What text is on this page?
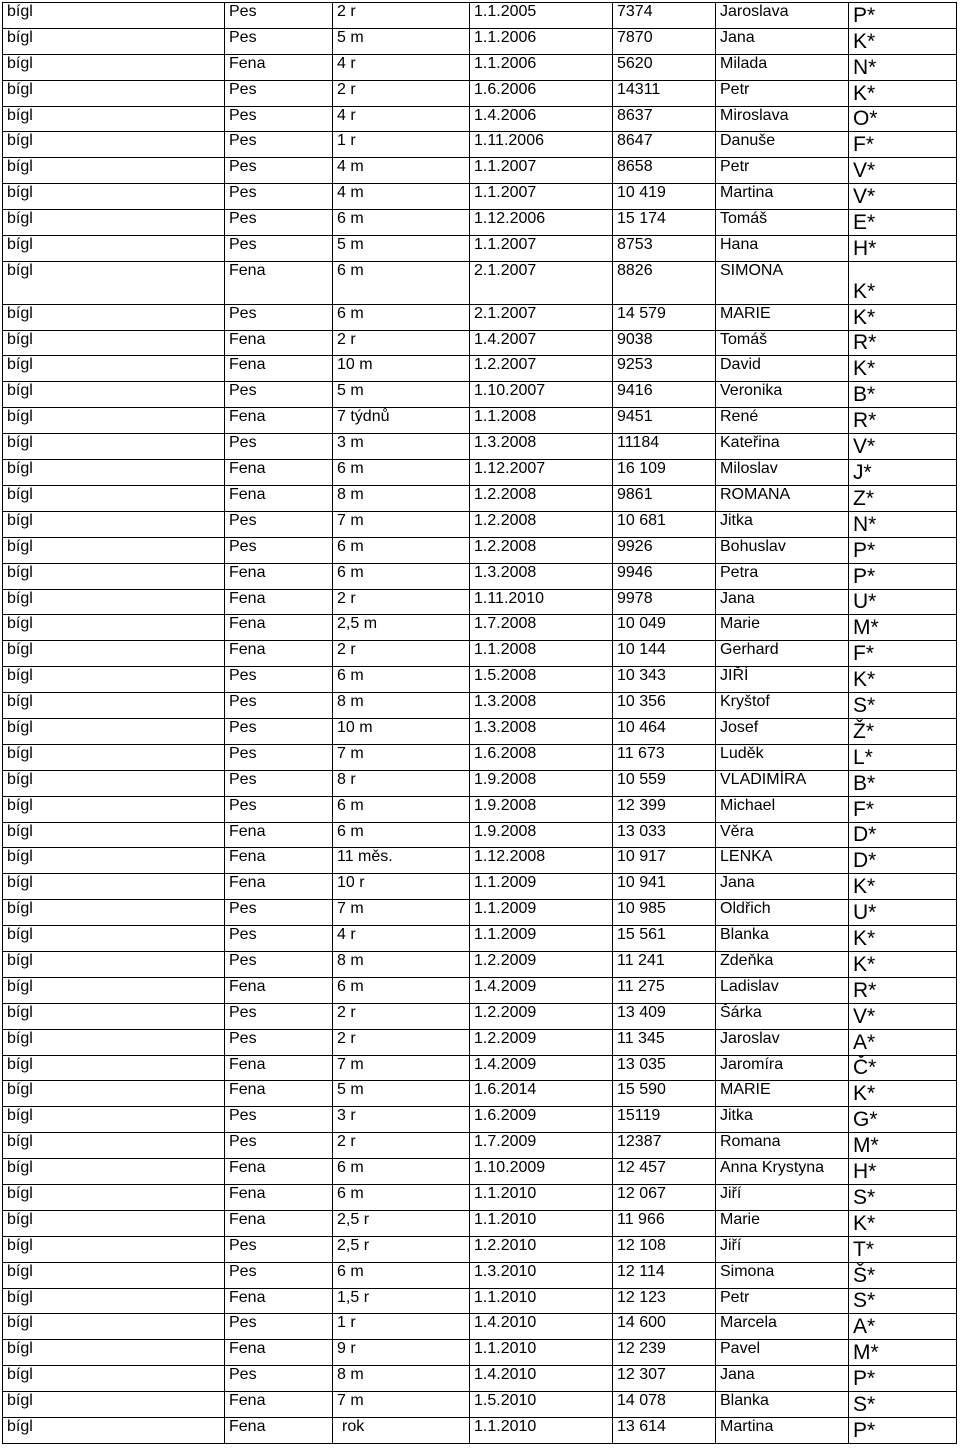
bígl	Pes	2 r	1.1.2005	7374	Jaroslava	P*
bígl	Pes	5 m	1.1.2006	7870	Jana	K*
bígl	Fena	4 r	1.1.2006	5620	Milada	N*
bígl	Pes	2 r	1.6.2006	14311	Petr	K*
bígl	Pes	4 r	1.4.2006	8637	Miroslava	O*
bígl	Pes	1 r	1.11.2006	8647	Danuše	F*
bígl	Pes	4 m	1.1.2007	8658	Petr	V*
bígl	Pes	4 m	1.1.2007	10 419	Martina	V*
bígl	Pes	6 m	1.12.2006	15 174	Tomáš	E*
bígl	Pes	5 m	1.1.2007	8753	Hana	H*
bígl	Fena	6 m	2.1.2007	8826	SIMONA	K*
bígl	Pes	6 m	2.1.2007	14 579	MARIE	K*
bígl	Fena	2 r	1.4.2007	9038	Tomáš	R*
bígl	Fena	10 m	1.2.2007	9253	David	K*
bígl	Pes	5 m	1.10.2007	9416	Veronika	B*
bígl	Fena	7 týdnů	1.1.2008	9451	René	R*
bígl	Pes	3 m	1.3.2008	11184	Kateřina	V*
bígl	Fena	6 m	1.12.2007	16 109	Miloslav	J*
bígl	Fena	8 m	1.2.2008	9861	ROMANA	Z*
bígl	Pes	7 m	1.2.2008	10 681	Jitka	N*
bígl	Pes	6 m	1.2.2008	9926	Bohuslav	P*
bígl	Fena	6 m	1.3.2008	9946	Petra	P*
bígl	Fena	2 r	1.11.2010	9978	Jana	U*
bígl	Fena	2,5 m	1.7.2008	10 049	Marie	M*
bígl	Fena	2 r	1.1.2008	10 144	Gerhard	F*
bígl	Pes	6 m	1.5.2008	10 343	JIŘÍ	K*
bígl	Pes	8 m	1.3.2008	10 356	Kryštof	S*
bígl	Pes	10 m	1.3.2008	10 464	Josef	Ž*
bígl	Pes	7 m	1.6.2008	11 673	Luděk	L*
bígl	Pes	8 r	1.9.2008	10 559	VLADIMÍRA	B*
bígl	Pes	6 m	1.9.2008	12 399	Michael	F*
bígl	Fena	6 m	1.9.2008	13 033	Věra	D*
bígl	Fena	11 měs.	1.12.2008	10 917	LENKA	D*
bígl	Fena	10 r	1.1.2009	10 941	Jana	K*
bígl	Pes	7 m	1.1.2009	10 985	Oldřich	U*
bígl	Pes	4 r	1.1.2009	15 561	Blanka	K*
bígl	Pes	8 m	1.2.2009	11 241	Zdeňka	K*
bígl	Fena	6 m	1.4.2009	11 275	Ladislav	R*
bígl	Pes	2 r	1.2.2009	13 409	Šárka	V*
bígl	Pes	2 r	1.2.2009	11 345	Jaroslav	A*
bígl	Fena	7 m	1.4.2009	13 035	Jaromíra	Č*
bígl	Fena	5 m	1.6.2014	15 590	MARIE	K*
bígl	Pes	3 r	1.6.2009	15119	Jitka	G*
bígl	Pes	2 r	1.7.2009	12387	Romana	M*
bígl	Fena	6 m	1.10.2009	12 457	Anna Krystyna	H*
bígl	Fena	6 m	1.1.2010	12 067	Jiří	S*
bígl	Fena	2,5 r	1.1.2010	11 966	Marie	K*
bígl	Pes	2,5 r	1.2.2010	12 108	Jiří	T*
bígl	Pes	6 m	1.3.2010	12 114	Simona	Š*
bígl	Fena	1,5 r	1.1.2010	12 123	Petr	S*
bígl	Pes	1 r	1.4.2010	14 600	Marcela	A*
bígl	Fena	9 r	1.1.2010	12 239	Pavel	M*
bígl	Pes	8 m	1.4.2010	12 307	Jana	P*
bígl	Fena	7 m	1.5.2010	14 078	Blanka	S*
bígl	Fena	rok	1.1.2010	13 614	Martina	P*
